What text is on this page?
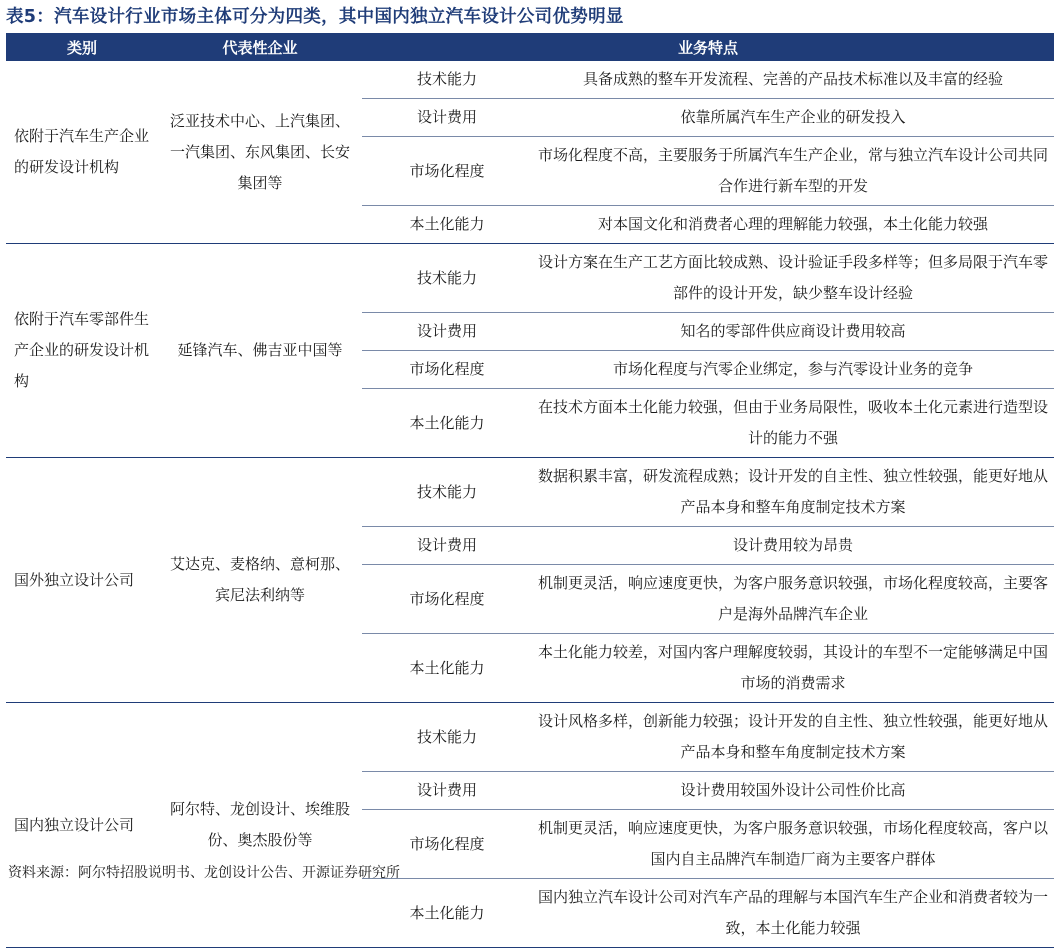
表5：汽车设计行业市场主体可分为四类，其中国内独立汽车设计公司优势明显
类别	代表性企业	业务特点	
依附于汽车生产企业的研发设计机构	泛亚技术中心、上汽集团、一汽集团、东风集团、长安集团等	技术能力	具备成熟的整车开发流程、完善的产品技术标准以及丰富的经验
		设计费用	依靠所属汽车生产企业的研发投入
		市场化程度	市场化程度不高，主要服务于所属汽车生产企业，常与独立汽车设计公司共同合作进行新车型的开发
		本土化能力	对本国文化和消费者心理的理解能力较强，本土化能力较强
依附于汽车零部件生产企业的研发设计机构	延锋汽车、佛吉亚中国等	技术能力	设计方案在生产工艺方面比较成熟、设计验证手段多样等；但多局限于汽车零部件的设计开发，缺少整车设计经验
		设计费用	知名的零部件供应商设计费用较高
		市场化程度	市场化程度与汽零企业绑定，参与汽零设计业务的竞争
		本土化能力	在技术方面本土化能力较强，但由于业务局限性，吸收本土化元素进行造型设计的能力不强
国外独立设计公司	艾达克、麦格纳、意柯那、宾尼法利纳等	技术能力	数据积累丰富，研发流程成熟；设计开发的自主性、独立性较强，能更好地从产品本身和整车角度制定技术方案
		设计费用	设计费用较为昂贵
		市场化程度	机制更灵活，响应速度更快，为客户服务意识较强，市场化程度较高，主要客户是海外品牌汽车企业
		本土化能力	本土化能力较差，对国内客户理解度较弱，其设计的车型不一定能够满足中国市场的消费需求
国内独立设计公司	阿尔特、龙创设计、埃维股份、奥杰股份等	技术能力	设计风格多样，创新能力较强；设计开发的自主性、独立性较强，能更好地从产品本身和整车角度制定技术方案
		设计费用	设计费用较国外设计公司性价比高
		市场化程度	机制更灵活，响应速度更快，为客户服务意识较强，市场化程度较高，客户以国内自主品牌汽车制造厂商为主要客户群体
		本土化能力	国内独立汽车设计公司对汽车产品的理解与本国汽车生产企业和消费者较为一致，本土化能力较强
资料来源：阿尔特招股说明书、龙创设计公告、开源证券研究所
